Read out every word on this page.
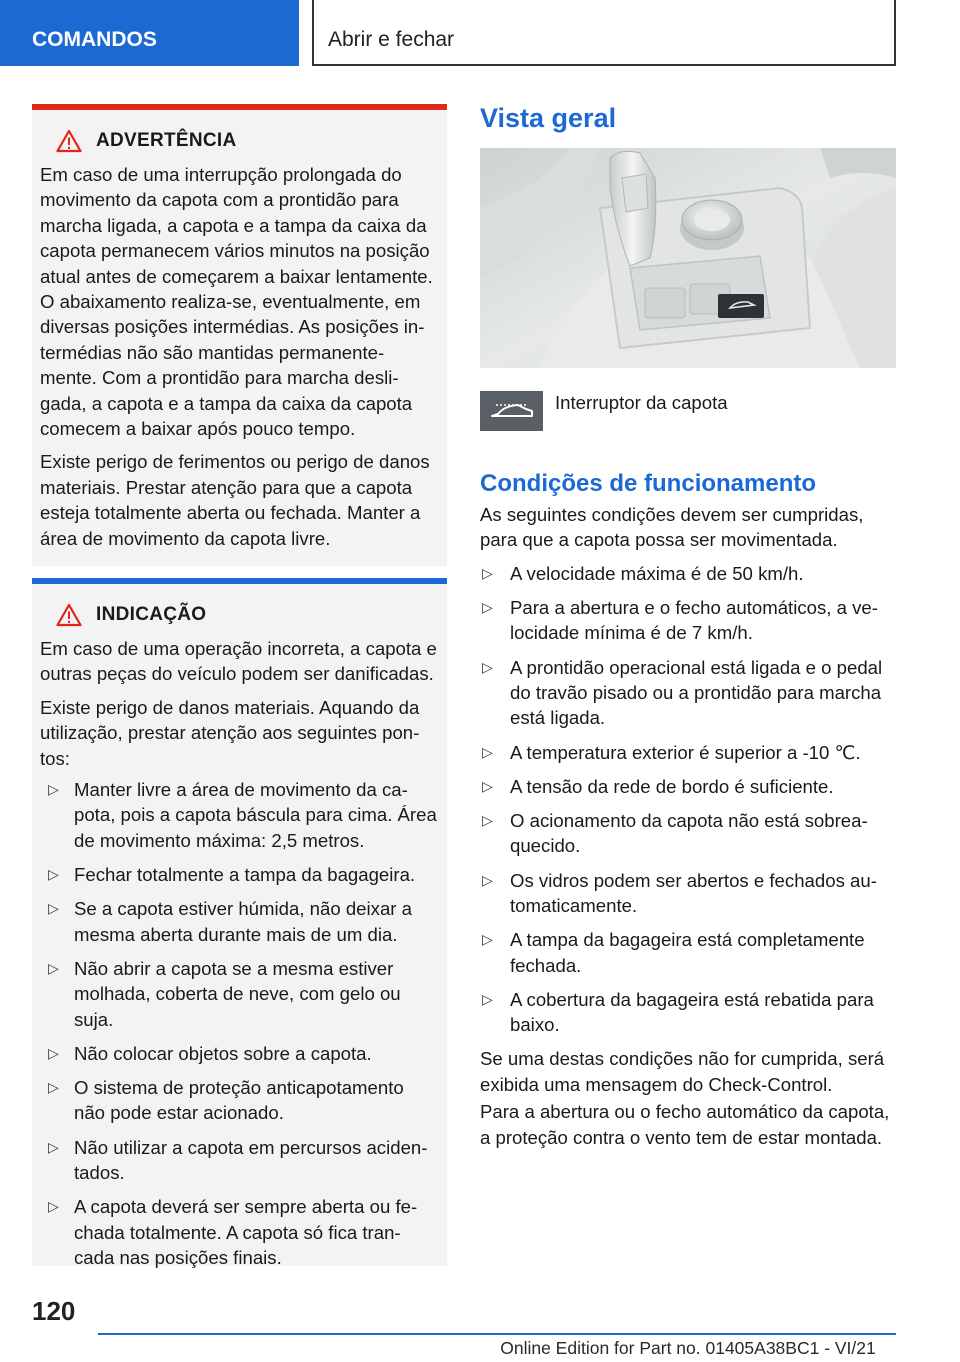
COMANDOS	Abrir e fechar
ADVERTÊNCIA
Em caso de uma interrupção prolongada do movimento da capota com a prontidão para marcha ligada, a capota e a tampa da caixa da capota permanecem vários minutos na posição atual antes de começarem a baixar lentamente. O abaixamento realiza-se, eventualmente, em diversas posições intermédias. As posições in-termédias não são mantidas permanente-mente. Com a prontidão para marcha desli-gada, a capota e a tampa da caixa da capota comecem a baixar após pouco tempo.
Existe perigo de ferimentos ou perigo de danos materiais. Prestar atenção para que a capota esteja totalmente aberta ou fechada. Manter a área de movimento da capota livre.
INDICAÇÃO
Em caso de uma operação incorreta, a capota e outras peças do veículo podem ser danificadas.
Existe perigo de danos materiais. Aquando da utilização, prestar atenção aos seguintes pon-tos:
▷ Manter livre a área de movimento da ca-pota, pois a capota báscula para cima. Área de movimento máxima: 2,5 metros.
▷ Fechar totalmente a tampa da bagageira.
▷ Se a capota estiver húmida, não deixar a mesma aberta durante mais de um dia.
▷ Não abrir a capota se a mesma estiver molhada, coberta de neve, com gelo ou suja.
▷ Não colocar objetos sobre a capota.
▷ O sistema de proteção anticapotamento não pode estar acionado.
▷ Não utilizar a capota em percursos aciden-tados.
▷ A capota deverá ser sempre aberta ou fe-chada totalmente. A capota só fica tran-cada nas posições finais.
Vista geral
Interruptor da capota
Condições de funcionamento
As seguintes condições devem ser cumpridas, para que a capota possa ser movimentada.
▷ A velocidade máxima é de 50 km/h.
▷ Para a abertura e o fecho automáticos, a ve-locidade mínima é de 7 km/h.
▷ A prontidão operacional está ligada e o pedal do travão pisado ou a prontidão para marcha está ligada.
▷ A temperatura exterior é superior a -10 ℃.
▷ A tensão da rede de bordo é suficiente.
▷ O acionamento da capota não está sobrea-quecido.
▷ Os vidros podem ser abertos e fechados au-tomaticamente.
▷ A tampa da bagageira está completamente fechada.
▷ A cobertura da bagageira está rebatida para baixo.
Se uma destas condições não for cumprida, será exibida uma mensagem do Check-Control.
Para a abertura ou o fecho automático da capota, a proteção contra o vento tem de estar montada.
120
Online Edition for Part no. 01405A38BC1 - VI/21
